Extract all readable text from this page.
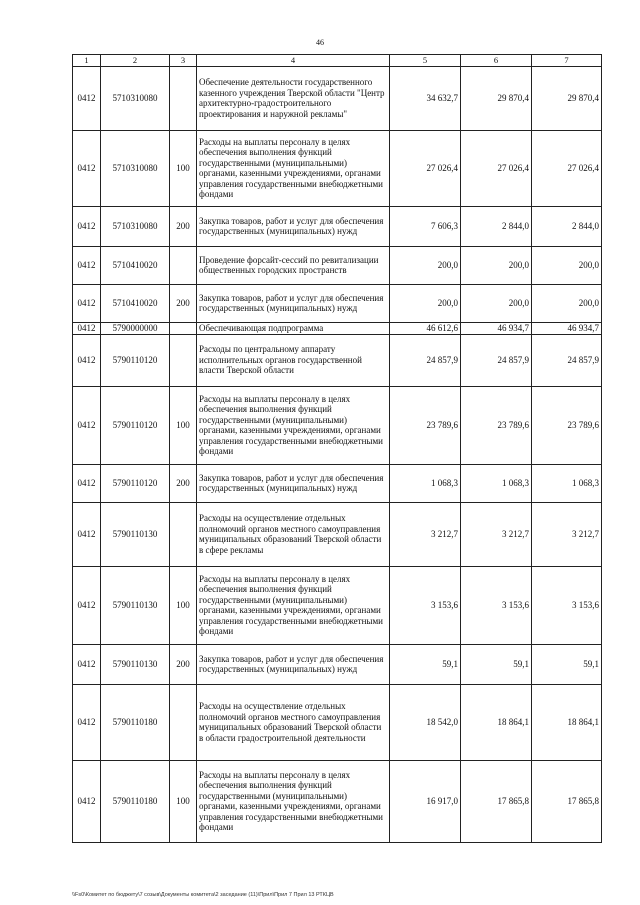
46
1	2	3	4	5	6	7
0412	5710310080		Обеспечение деятельности государственного казенного учреждения Тверской области "Центр архитектурно-градостроительного проектирования и наружной рекламы"	34 632,7	29 870,4	29 870,4
0412	5710310080	100	Расходы на выплаты персоналу в целях обеспечения выполнения функций государственными (муниципальными) органами, казенными учреждениями, органами управления государственными внебюджетными фондами	27 026,4	27 026,4	27 026,4
0412	5710310080	200	Закупка товаров, работ и услуг для обеспечения государственных (муниципальных) нужд	7 606,3	2 844,0	2 844,0
0412	5710410020		Проведение форсайт-сессий по ревитализации общественных городских пространств	200,0	200,0	200,0
0412	5710410020	200	Закупка товаров, работ и услуг для обеспечения государственных (муниципальных) нужд	200,0	200,0	200,0
0412	5790000000		Обеспечивающая подпрограмма	46 612,6	46 934,7	46 934,7
0412	5790110120		Расходы по центральному аппарату исполнительных органов государственной власти Тверской области	24 857,9	24 857,9	24 857,9
0412	5790110120	100	Расходы на выплаты персоналу в целях обеспечения выполнения функций государственными (муниципальными) органами, казенными учреждениями, органами управления государственными внебюджетными фондами	23 789,6	23 789,6	23 789,6
0412	5790110120	200	Закупка товаров, работ и услуг для обеспечения государственных (муниципальных) нужд	1 068,3	1 068,3	1 068,3
0412	5790110130		Расходы на осуществление отдельных полномочий органов местного самоуправления муниципальных образований Тверской области в сфере рекламы	3 212,7	3 212,7	3 212,7
0412	5790110130	100	Расходы на выплаты персоналу в целях обеспечения выполнения функций государственными (муниципальными) органами, казенными учреждениями, органами управления государственными внебюджетными фондами	3 153,6	3 153,6	3 153,6
0412	5790110130	200	Закупка товаров, работ и услуг для обеспечения государственных (муниципальных) нужд	59,1	59,1	59,1
0412	5790110180		Расходы на осуществление отдельных полномочий органов местного самоуправления муниципальных образований Тверской области в области градостроительной деятельности	18 542,0	18 864,1	18 864,1
0412	5790110180	100	Расходы на выплаты персоналу в целях обеспечения выполнения функций государственными (муниципальными) органами, казенными учреждениями, органами управления государственными внебюджетными фондами	16 917,0	17 865,8	17 865,8
\\Fs0\Комитет по бюджету\7 созыв\Документы комитета\2 заседание (11)\Прил\Прил 7 Прил 13 РТКЦВ
